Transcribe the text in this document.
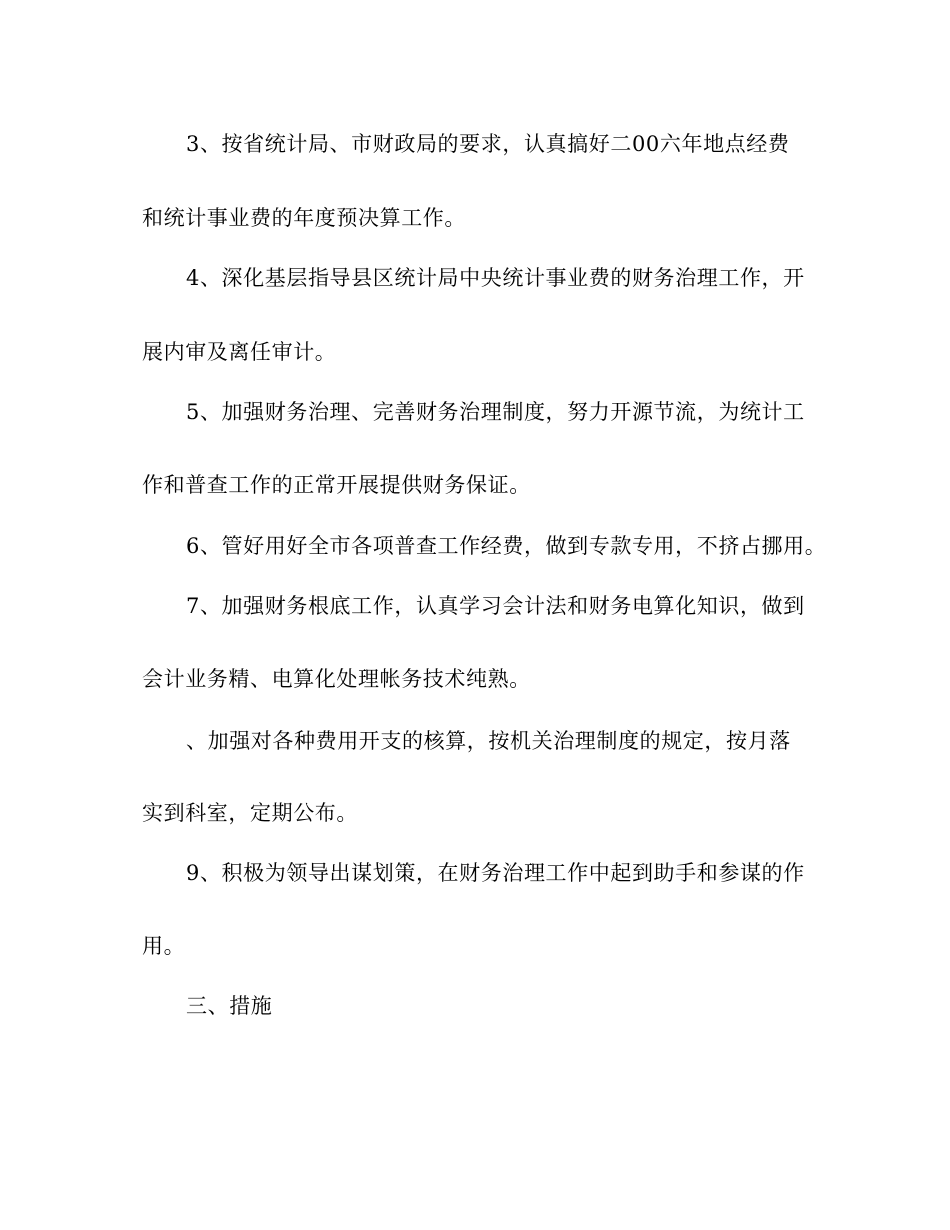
3、按省统计局、市财政局的要求，认真搞好二00六年地点经费
和统计事业费的年度预决算工作。
4、深化基层指导县区统计局中央统计事业费的财务治理工作，开
展内审及离任审计。
5、加强财务治理、完善财务治理制度，努力开源节流，为统计工
作和普查工作的正常开展提供财务保证。
6、管好用好全市各项普查工作经费，做到专款专用，不挤占挪用。
7、加强财务根底工作，认真学习会计法和财务电算化知识，做到
会计业务精、电算化处理帐务技术纯熟。
、加强对各种费用开支的核算，按机关治理制度的规定，按月落
实到科室，定期公布。
9、积极为领导出谋划策，在财务治理工作中起到助手和参谋的作
用。
三、措施
